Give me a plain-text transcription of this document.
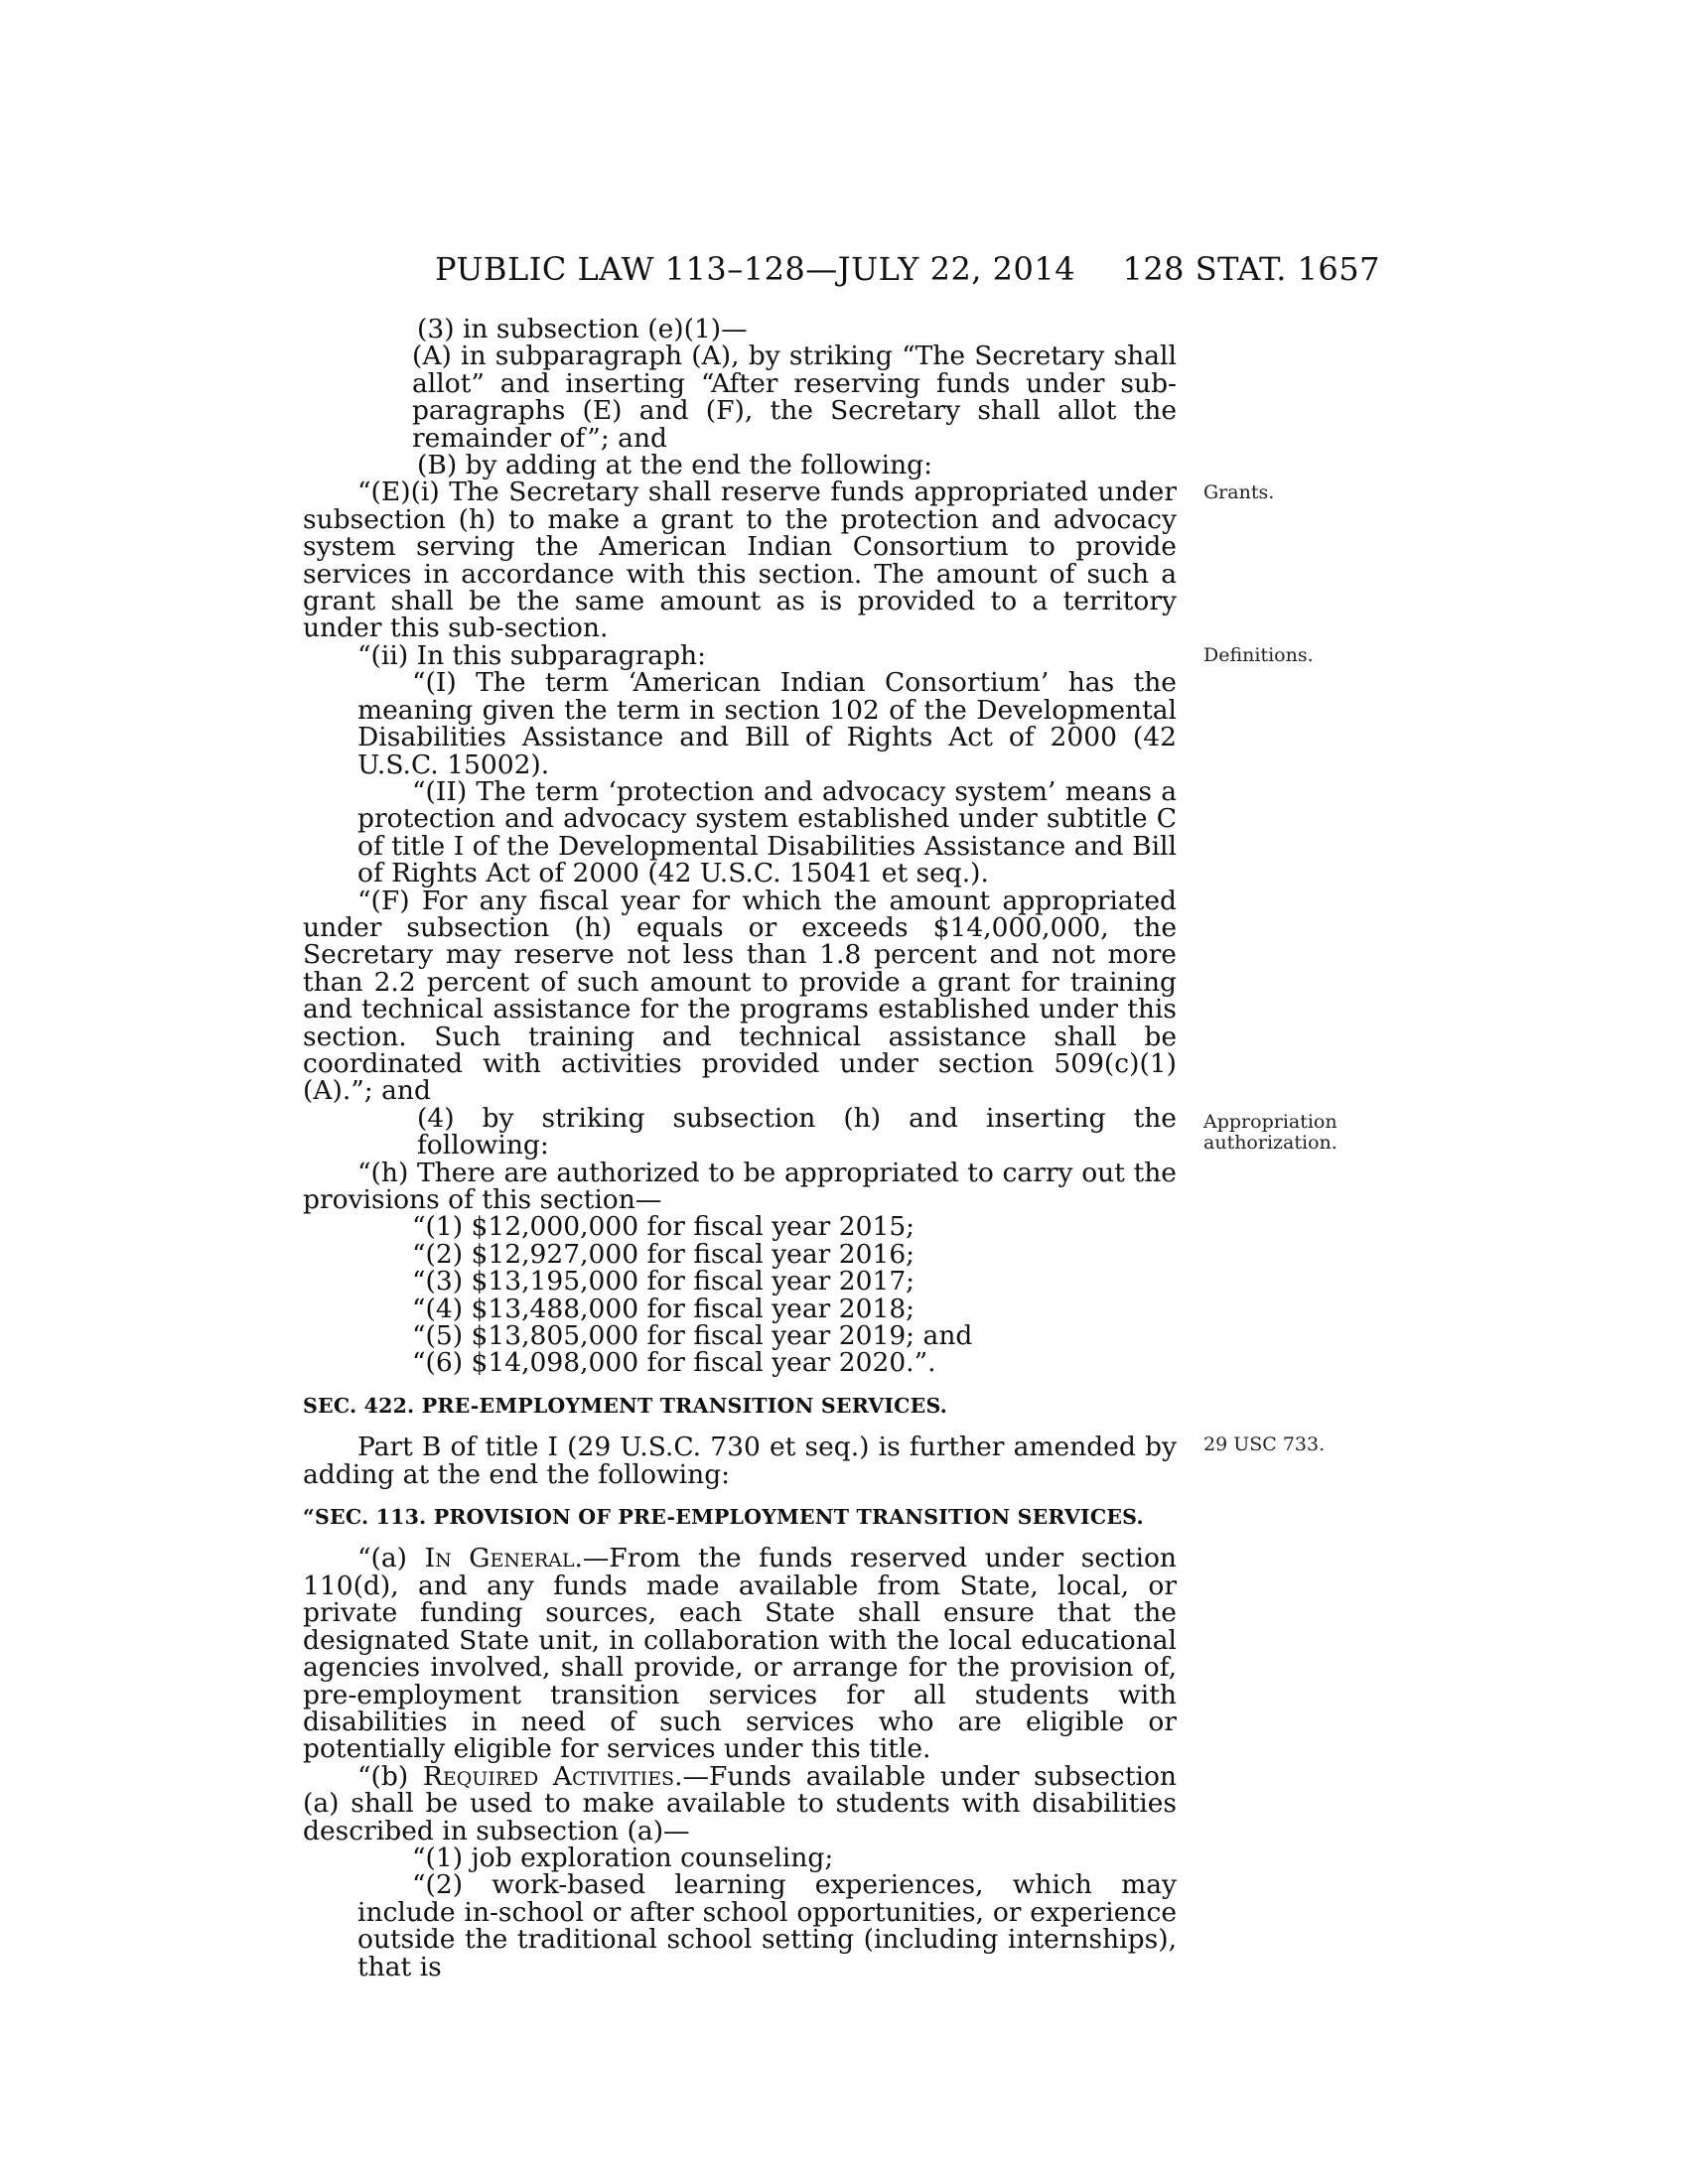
PUBLIC LAW 113–128—JULY 22, 2014 128 STAT. 1657
Grants.
Definitions.
Appropriation
authorization.
29 USC 733.

(3) in subsection (e)(1)—

(A) in subparagraph (A), by striking “The Secretary shall allot” and inserting “After reserving funds under sub-paragraphs (E) and (F), the Secretary shall allot the remainder of”; and

(B) by adding at the end the following:

“(E)(i) The Secretary shall reserve funds appropriated under subsection (h) to make a grant to the protection and advocacy system serving the American Indian Consortium to provide services in accordance with this section. The amount of such a grant shall be the same amount as is provided to a territory under this sub-section.

“(ii) In this subparagraph:

“(I) The term ‘American Indian Consortium’ has the meaning given the term in section 102 of the Developmental Disabilities Assistance and Bill of Rights Act of 2000 (42 U.S.C. 15002).

“(II) The term ‘protection and advocacy system’ means a protection and advocacy system established under subtitle C of title I of the Developmental Disabilities Assistance and Bill of Rights Act of 2000 (42 U.S.C. 15041 et seq.).

“(F) For any fiscal year for which the amount appropriated under subsection (h) equals or exceeds $14,000,000, the Secretary may reserve not less than 1.8 percent and not more than 2.2 percent of such amount to provide a grant for training and technical assistance for the programs established under this section. Such training and technical assistance shall be coordinated with activities provided under section 509(c)(1)(A).”; and

(4) by striking subsection (h) and inserting the following:

“(h) There are authorized to be appropriated to carry out the provisions of this section—

“(1) $12,000,000 for fiscal year 2015;

“(2) $12,927,000 for fiscal year 2016;

“(3) $13,195,000 for fiscal year 2017;

“(4) $13,488,000 for fiscal year 2018;

“(5) $13,805,000 for fiscal year 2019; and

“(6) $14,098,000 for fiscal year 2020.”.

SEC. 422. PRE-EMPLOYMENT TRANSITION SERVICES.

Part B of title I (29 U.S.C. 730 et seq.) is further amended by adding at the end the following:

“SEC. 113. PROVISION OF PRE-EMPLOYMENT TRANSITION SERVICES.

“(a) In General.—From the funds reserved under section 110(d), and any funds made available from State, local, or private funding sources, each State shall ensure that the designated State unit, in collaboration with the local educational agencies involved, shall provide, or arrange for the provision of, pre-employment transition services for all students with disabilities in need of such services who are eligible or potentially eligible for services under this title.

“(b) Required Activities.—Funds available under subsection (a) shall be used to make available to students with disabilities described in subsection (a)—

“(1) job exploration counseling;

“(2) work-based learning experiences, which may include in-school or after school opportunities, or experience outside the traditional school setting (including internships), that is
